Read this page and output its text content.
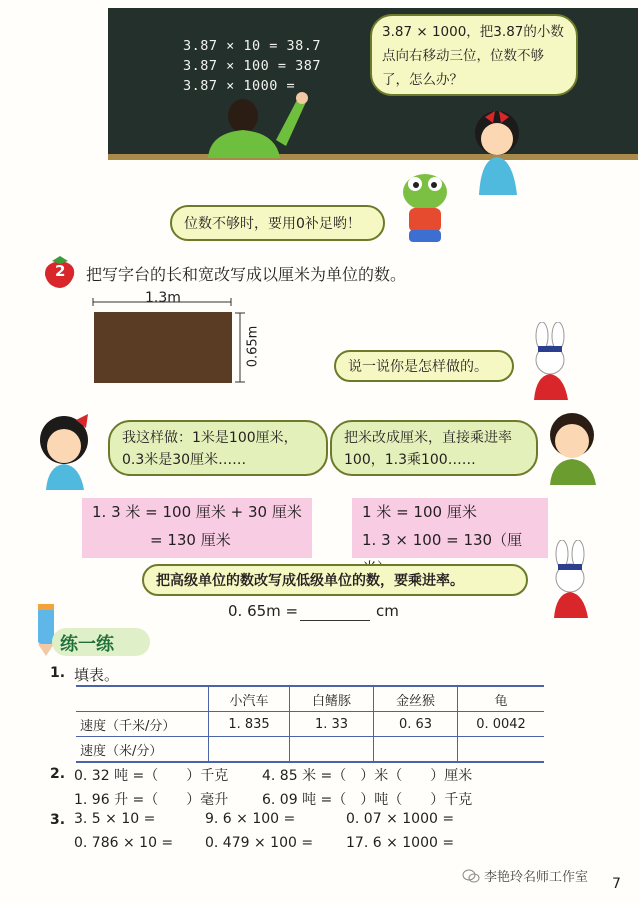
3.87 × 10 = 38.7
3.87 × 100 = 387
3.87 × 1000 =
3.87 × 1000，把3.87的小数点向右移动三位，位数不够了，怎么办？
位数不够时，要用0补足哟！
2 把写字台的长和宽改写成以厘米为单位的数。
1.3m
0.65m	说一说你是怎样做的。
我这样做：1米是100厘米，0.3米是30厘米……
把米改成厘米，直接乘进率100，1.3乘100……
1. 3 米 = 100 厘米 + 30 厘米
= 130 厘米
1 米 = 100 厘米
1. 3 × 100 = 130（厘
把高级单位的数改写成低级单位的数，要乘进率。
0. 65m =	cm
练一练
1. 填表。
	小汽车	白鳍豚	金丝猴	龟
速度（千米/分）	1. 835	1. 33	0. 63	0. 0042
速度（米/分）				
2. 0. 32 吨 =（　　）千克 4. 85 米 =（　）米（　　）厘米
1. 96 升 =（　　）毫升 6. 09 吨 =（　）吨（　　）千克
3. 3. 5 × 10 =	9. 6 × 100 =	0. 07 × 1000 =
0. 786 × 10 = 0. 479 × 100 = 17. 6 × 1000 =
李艳玲名师工作室 7
